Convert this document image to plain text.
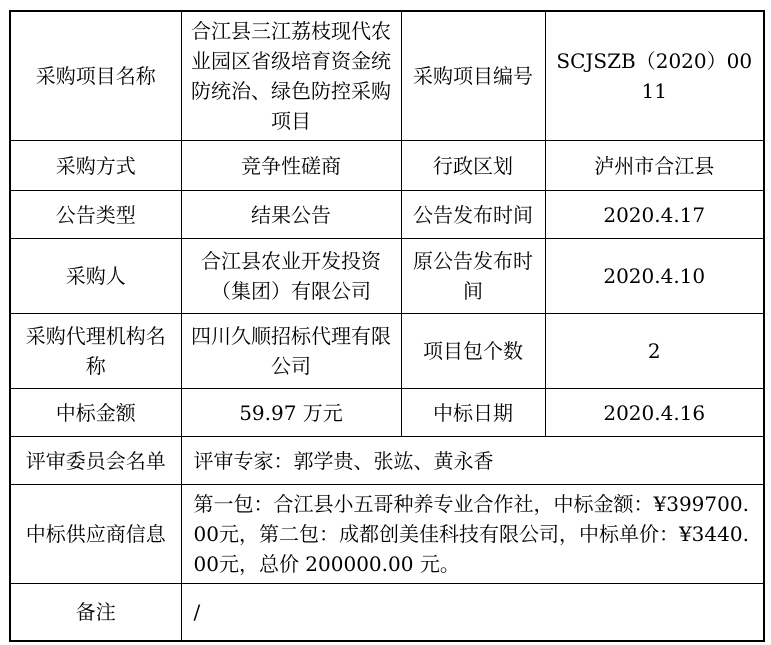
采购项目名称	合江县三江荔枝现代农业园区省级培育资金统防统治、绿色防控采购项目	采购项目编号	SCJSZB（2020）0011
采购方式	竞争性磋商	行政区划	泸州市合江县
公告类型	结果公告	公告发布时间	2020.4.17
采购人	合江县农业开发投资（集团）有限公司	原公告发布时间	2020.4.10
采购代理机构名称	四川久顺招标代理有限公司	项目包个数	2
中标金额	59.97 万元	中标日期	2020.4.16
评审委员会名单	评审专家：郭学贵、张竑、黄永香		
中标供应商信息	第一包：合江县小五哥种养专业合作社，中标金额：¥399700.00元，第二包：成都创美佳科技有限公司，中标单价：¥3440.00元，总价 200000.00 元。		
备注	/		
